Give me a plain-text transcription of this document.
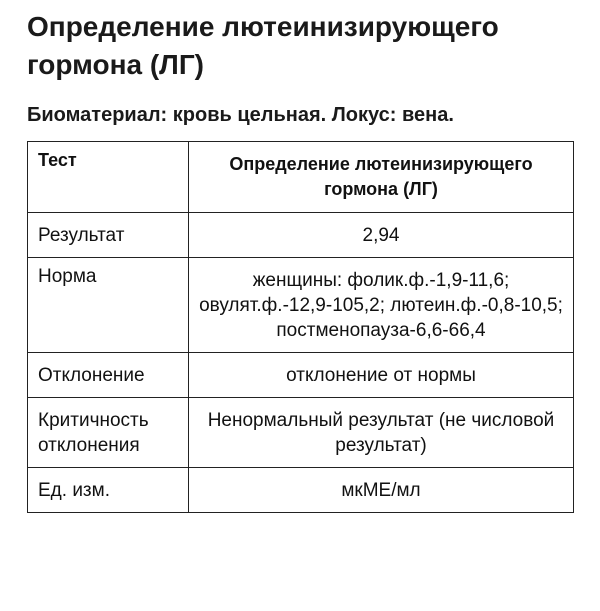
Определение лютеинизирующего гормона (ЛГ)
Биоматериал: кровь цельная. Локус: вена.
Тест	Определение лютеинизирующего гормона (ЛГ)
Результат	2,94
Норма	женщины: фолик.ф.-1,9-11,6; овулят.ф.-12,9-105,2; лютеин.ф.-0,8-10,5; постменопауза-6,6-66,4
Отклонение	отклонение от нормы
Критичность отклонения	Ненормальный результат (не числовой результат)
Ед. изм.	мкМЕ/мл
